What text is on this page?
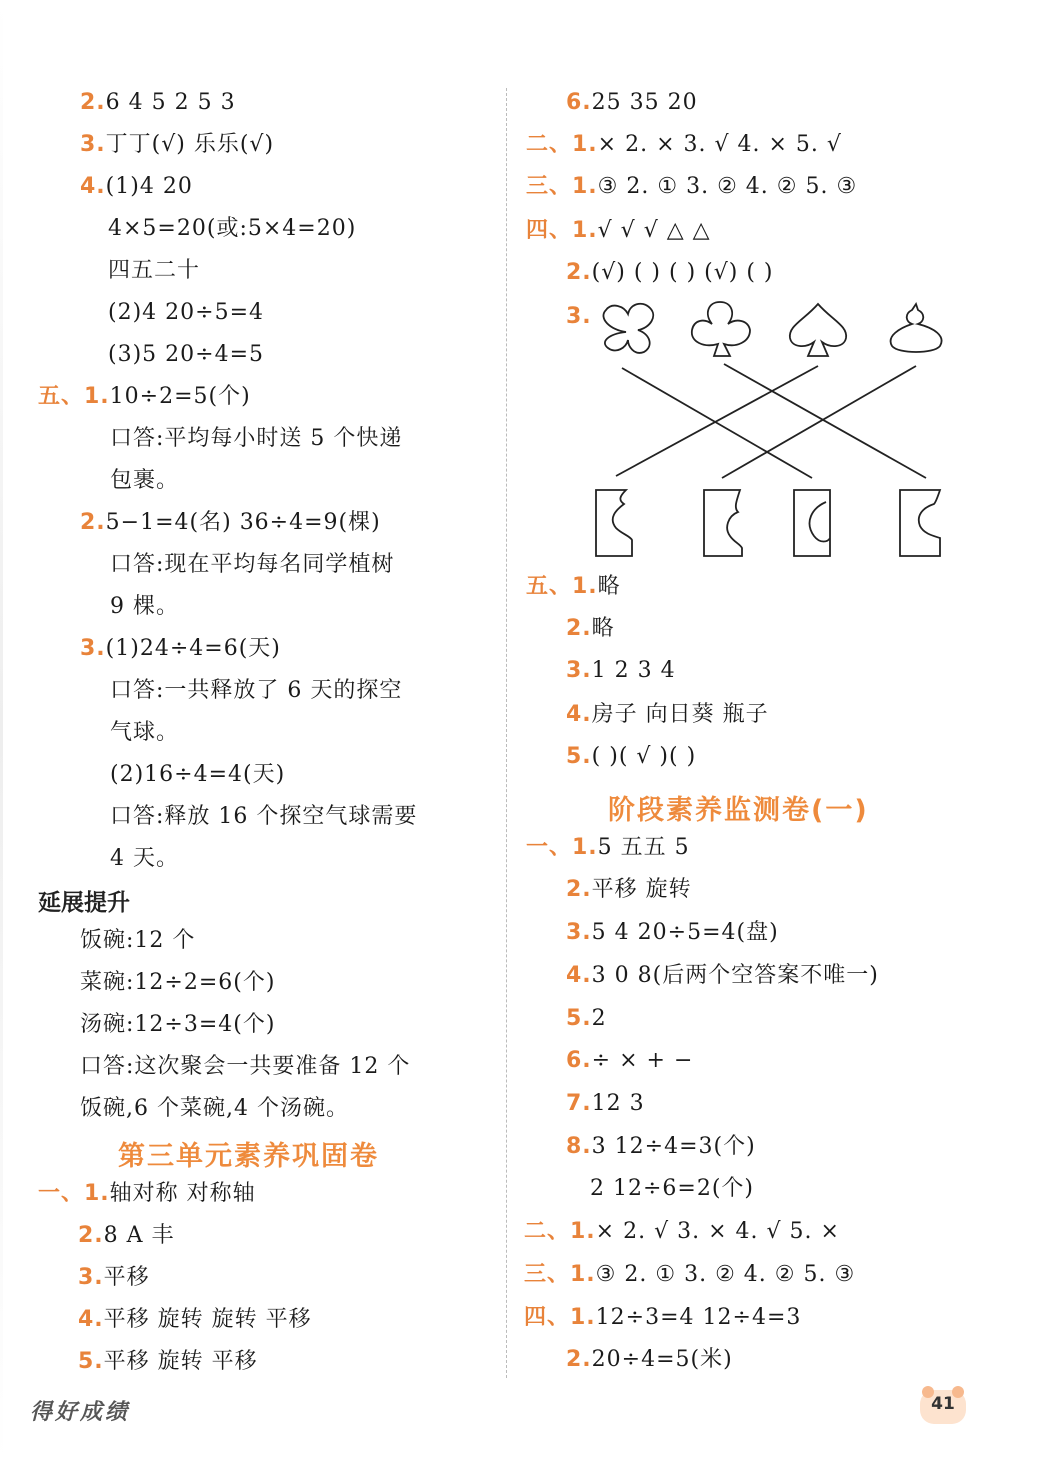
2.6 4 5 2 5 3
3.丁丁(√) 乐乐(√)
4.(1)4 20
4×5=20(或:5×4=20)
四五二十
(2)4 20÷5=4
(3)5 20÷4=5
五、1.10÷2=5(个)
口答:平均每小时送 5 个快递
包裹。
2.5−1=4(名) 36÷4=9(棵)
口答:现在平均每名同学植树
9 棵。
3.(1)24÷4=6(天)
口答:一共释放了 6 天的探空
气球。
(2)16÷4=4(天)
口答:释放 16 个探空气球需要
4 天。
延展提升
饭碗:12 个
菜碗:12÷2=6(个)
汤碗:12÷3=4(个)
口答:这次聚会一共要准备 12 个
饭碗,6 个菜碗,4 个汤碗。
第三单元素养巩固卷
一、1.轴对称 对称轴
2.8 A 丰
3.平移
4.平移 旋转 旋转 平移
5.平移 旋转 平移
6.25 35 20
二、1.× 2. × 3. √ 4. × 5. √
三、1.③ 2. ① 3. ② 4. ② 5. ③
四、1.√ √ √ △ △
2.(√) ( ) ( ) (√) ( )
3.
五、1.略
2.略
3.1 2 3 4
4.房子 向日葵 瓶子
5.( )( √ )( )
阶段素养监测卷(一)
一、1.5 五五 5
2.平移 旋转
3.5 4 20÷5=4(盘)
4.3 0 8(后两个空答案不唯一)
5.2
6.÷ × + −
7.12 3
8.3 12÷4=3(个)
2 12÷6=2(个)
二、1.× 2. √ 3. × 4. √ 5. ×
三、1.③ 2. ① 3. ② 4. ② 5. ③
四、1.12÷3=4 12÷4=3
2.20÷4=5(米)
得好成绩	41
